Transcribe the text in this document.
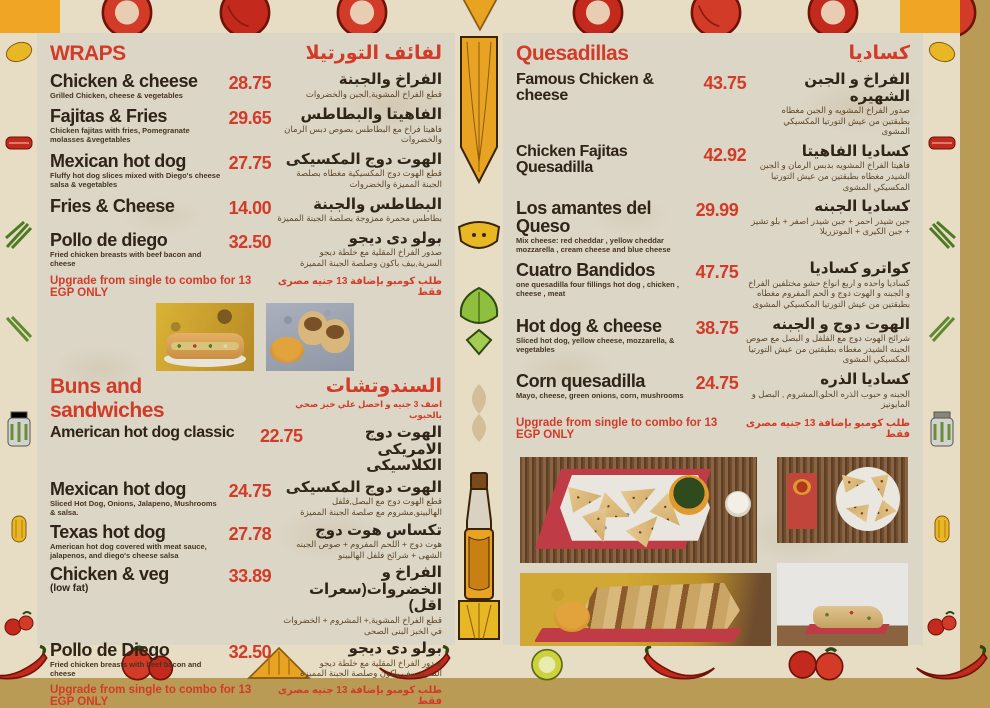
WRAPS	لفائف التورتيلا
Chicken & cheese
Grilled Chicken, cheese & vegetables
28.75	الفراخ والجبنة
قطع الفراخ المشوية,الجبن والخضروات
Fajitas & Fries
Chicken fajitas with fries, Pomegranate molasses &vegetables
29.65	الفاهيتا والبطاطس
فاهيتا فراخ مع البطاطس بصوص دبس الرمان والخضروات
Mexican hot dog
Fluffy hot dog slices mixed with Diego's cheese salsa & vegetables
27.75 الهوت دوج المكسيكى
قطع الهوت دوج المكسيكية مغطاه بصلصة الجبنة المميزة والخضروات
Fries & Cheese	14.00	البطاطس والجبنة
بطاطس محمرة ممزوجة بصلصة الجبنة المميزة
Pollo de diego
Fried chicken breasts with beef bacon and cheese
32.50	بولو دى ديجو
صدور الفراخ المقلية مع خلطة ديجو السرية,بيف باكون وصلصة الجبنة المميزة
Upgrade from single to combo for 13 EGP ONLY
طلب كومبو بإضافة 13 جنيه مصرى فقط
Buns and sandwiches
السندوتشات
اضف 3 جنيه و احصل علي خبز صحي بالحبوب
American hot dog classic	22.75	الهوت دوج الامريكى الكلاسيكى
Mexican hot dog
Sliced Hot Dog, Onions, Jalapeno, Mushrooms & salsa.
24.75 الهوت دوج المكسيكى
قطع الهوت دوج مع البصل,فلفل الهالبينو,مشروم مع صلصة الجبنة المميزة
Texas hot dog
American hot dog covered with meat sauce, jalapenos, and diego's cheese salsa
27.78	تكساس هوت دوج
هوت دوج + اللحم المفروم + صوص الجبنه الشهى + شرائح فلفل الهالبينو
Chicken & veg
(low fat)
33.89	الفراخ و الخضروات(سعرات اقل)
قطع الفراخ المشوية,+ المشروم + الخضروات في الخبز البنى الصحى
Pollo de Diego
Fried chicken breasts with beef bacon and cheese
32.50	بولو دى ديجو
صدور الفراخ المقلية مع خلطة ديجو السرية,بيف باكون وصلصة الجبنة المميزة
Upgrade from single to combo for 13 EGP ONLY
طلب كومبو بإضافة 13 جنيه مصرى فقط
Quesadillas	كساديا
Famous Chicken & cheese
43.75	الفراخ و الجبن الشهيره
صدور الفراخ المشويه و الجبن مغطاه بطبقتين من عيش التورتيا المكسيكي المشوى
Chicken Fajitas Quesadilla
42.92	كساديا الفاهيتا
فاهيتا الفراخ المشويه بدبس الرمان و الجبن الشيدر مغطاه بطبقتين من عيش التورتيا المكسيكي المشوى
Los amantes del Queso
Mix cheese: red cheddar , yellow cheddar mozzarella , cream cheese and blue cheese
29.99	كساديا الجبنه
جبن شيدر احمر + جبن شيدر اصفر + بلو تشيز + جبن الكيرى + الموتزريلا
Cuatro Bandidos
one quesadilla four fillings hot dog , chicken , cheese , meat
47.75	كواترو كساديا
كساديا واحده و اربع انواع حشو مختلفين الفراخ و الجبنه و الهوت دوج و الحم المفروم مغطاه بطبقتين من عيش التورتيا المكسيكي المشوى
Hot dog & cheese
Sliced hot dog, yellow cheese, mozzarella, & vegetables
38.75	الهوت دوج و الجبنه
شرائح الهوت دوج مع الفلفل و البصل مع صوص الجبنه الشيدر مغطاه بطبقتين من عيش التورتيا المكسيكي المشوى
Corn quesadilla
Mayo, cheese, green onions, corn, mushrooms
24.75	كساديا الذره
الجبنه و حبوب الذره الحلو,المشروم , البصل و المايونيز
Upgrade from single to combo for 13 EGP ONLY
طلب كومبو بإضافة 13 جنيه مصرى فقط
